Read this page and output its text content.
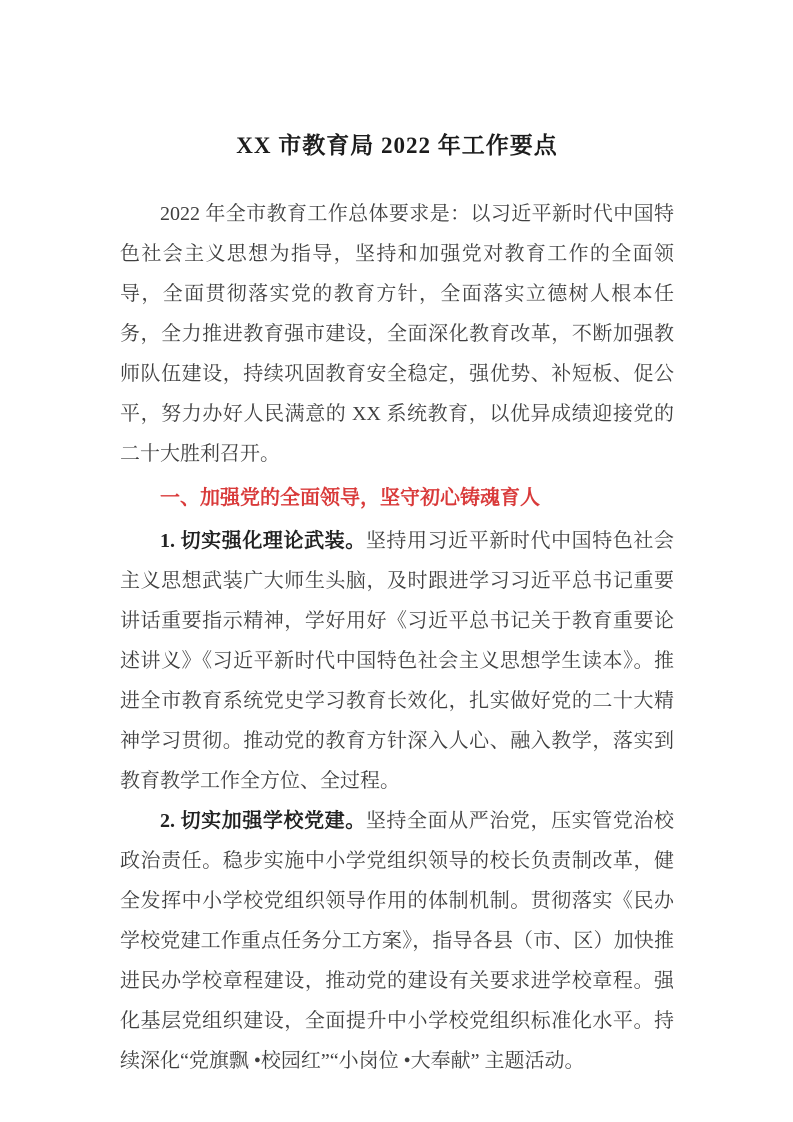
XX 市教育局 2022 年工作要点

2022 年全市教育工作总体要求是：以习近平新时代中国特色社会主义思想为指导，坚持和加强党对教育工作的全面领导，全面贯彻落实党的教育方针，全面落实立德树人根本任务，全力推进教育强市建设，全面深化教育改革，不断加强教师队伍建设，持续巩固教育安全稳定，强优势、补短板、促公平，努力办好人民满意的 XX 系统教育，以优异成绩迎接党的二十大胜利召开。

一、加强党的全面领导，坚守初心铸魂育人

1. 切实强化理论武装。坚持用习近平新时代中国特色社会主义思想武装广大师生头脑，及时跟进学习习近平总书记重要讲话重要指示精神，学好用好《习近平总书记关于教育重要论述讲义》《习近平新时代中国特色社会主义思想学生读本》。推进全市教育系统党史学习教育长效化，扎实做好党的二十大精神学习贯彻。推动党的教育方针深入人心、融入教学，落实到教育教学工作全方位、全过程。

2. 切实加强学校党建。坚持全面从严治党，压实管党治校政治责任。稳步实施中小学党组织领导的校长负责制改革，健全发挥中小学校党组织领导作用的体制机制。贯彻落实《民办学校党建工作重点任务分工方案》，指导各县（市、区）加快推进民办学校章程建设，推动党的建设有关要求进学校章程。强化基层党组织建设，全面提升中小学校党组织标准化水平。持续深化“党旗飘 •校园红”“小岗位 •大奉献” 主题活动。
